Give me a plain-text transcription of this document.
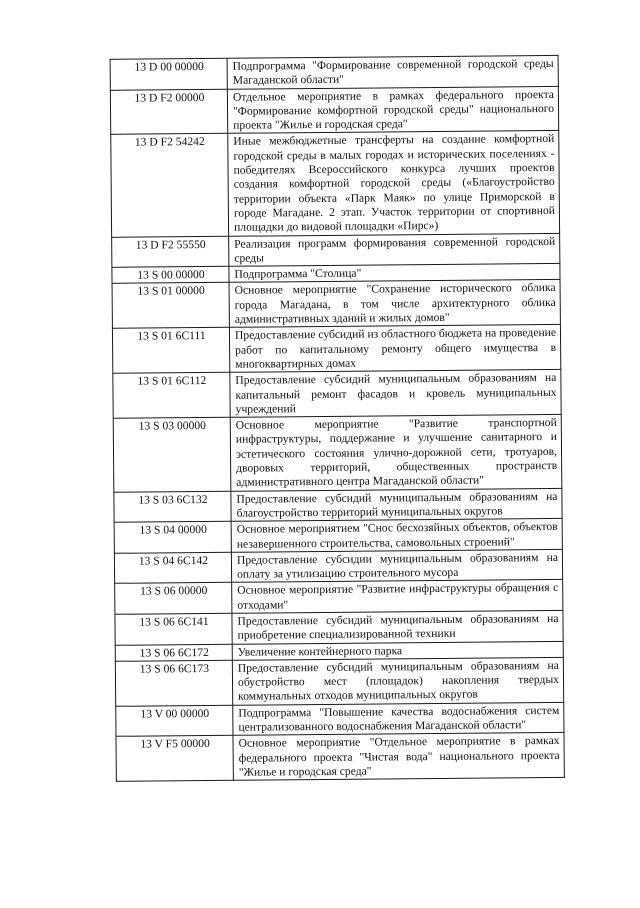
13 D 00 00000	Подпрограмма "Формирование современной городской среды Магаданской области"
13 D F2 00000	Отдельное мероприятие в рамках федерального проекта "Формирование комфортной городской среды" национального проекта "Жилье и городская среда"
13 D F2 54242	Иные межбюджетные трансферты на создание комфортной городской среды в малых городах и исторических поселениях - победителях Всероссийского конкурса лучших проектов создания комфортной городской среды («Благоустройство территории объекта «Парк Маяк» по улице Приморской в городе Магадане. 2 этап. Участок территории от спортивной площадки до видовой площадки «Пирс»)
13 D F2 55550	Реализация программ формирования современной городской среды
13 S 00 00000	Подпрограмма "Столица"
13 S 01 00000	Основное мероприятие "Сохранение исторического облика города Магадана, в том числе архитектурного облика административных зданий и жилых домов"
13 S 01 6С111	Предоставление субсидий из областного бюджета на проведение работ по капитальному ремонту общего имущества в многоквартирных домах
13 S 01 6С112	Предоставление субсидий муниципальным образованиям на капитальный ремонт фасадов и кровель муниципальных учреждений
13 S 03 00000	Основное мероприятие "Развитие транспортной инфраструктуры, поддержание и улучшение санитарного и эстетического состояния улично-дорожной сети, тротуаров, дворовых территорий, общественных пространств административного центра Магаданской области"
13 S 03 6С132	Предоставление субсидий муниципальным образованиям на благоустройство территорий муниципальных округов
13 S 04 00000	Основное мероприятием "Снос бесхозяйных объектов, объектов незавершенного строительства, самовольных строений"
13 S 04 6С142	Предоставление субсидии муниципальным образованиям на оплату за утилизацию строительного мусора
13 S 06 00000	Основное мероприятие "Развитие инфраструктуры обращения с отходами"
13 S 06 6С141	Предоставление субсидий муниципальным образованиям на приобретение специализированной техники
13 S 06 6С172	Увеличение контейнерного парка
13 S 06 6С173	Предоставление субсидий муниципальным образованиям на обустройство мест (площадок) накопления твердых коммунальных отходов муниципальных округов
13 V 00 00000	Подпрограмма "Повышение качества водоснабжения систем централизованного водоснабжения Магаданской области"
13 V F5 00000	Основное мероприятие "Отдельное мероприятие в рамках федерального проекта "Чистая вода" национального проекта "Жилье и городская среда"
